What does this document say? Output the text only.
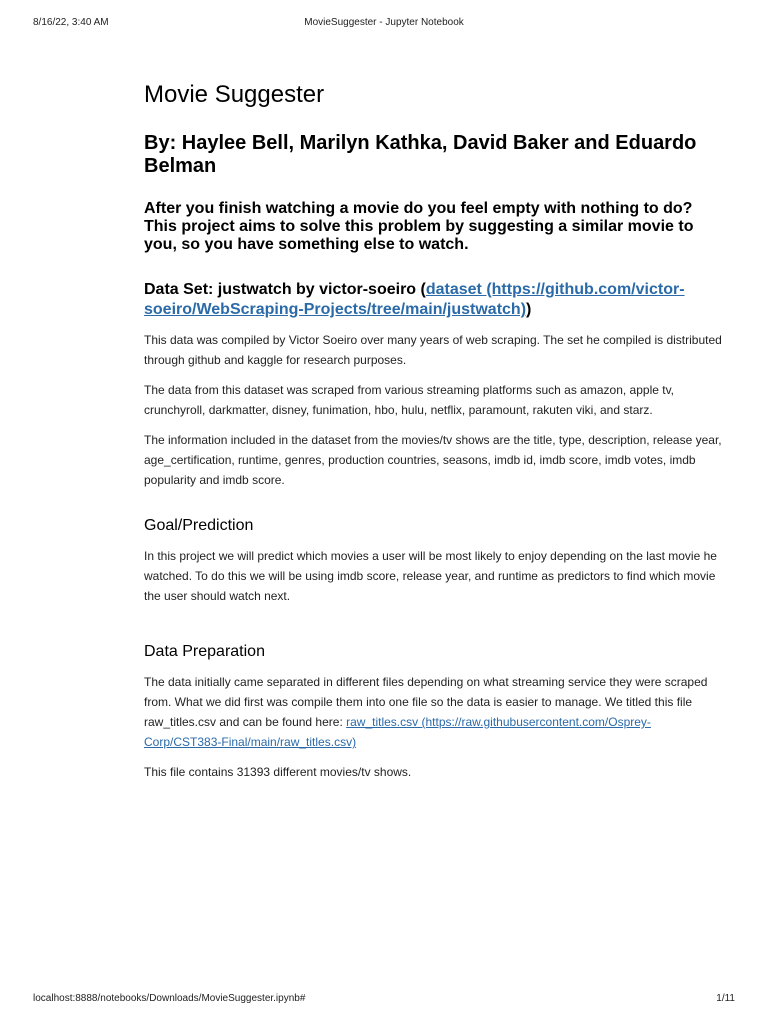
8/16/22, 3:40 AM	MovieSuggester - Jupyter Notebook
Movie Suggester
By: Haylee Bell, Marilyn Kathka, David Baker and Eduardo Belman
After you finish watching a movie do you feel empty with nothing to do? This project aims to solve this problem by suggesting a similar movie to you, so you have something else to watch.
Data Set: justwatch by victor-soeiro (dataset (https://github.com/victor-soeiro/WebScraping-Projects/tree/main/justwatch))

This data was compiled by Victor Soeiro over many years of web scraping. The set he compiled is distributed through github and kaggle for research purposes.

The data from this dataset was scraped from various streaming platforms such as amazon, apple tv, crunchyroll, darkmatter, disney, funimation, hbo, hulu, netflix, paramount, rakuten viki, and starz.

The information included in the dataset from the movies/tv shows are the title, type, description, release year, age_certification, runtime, genres, production countries, seasons, imdb id, imdb score, imdb votes, imdb popularity and imdb score.

Goal/Prediction

In this project we will predict which movies a user will be most likely to enjoy depending on the last movie he watched. To do this we will be using imdb score, release year, and runtime as predictors to find which movie the user should watch next.

Data Preparation

The data initially came separated in different files depending on what streaming service they were scraped from. What we did first was compile them into one file so the data is easier to manage. We titled this file raw_titles.csv and can be found here: raw_titles.csv (https://raw.githubusercontent.com/Osprey-Corp/CST383-Final/main/raw_titles.csv)

This file contains 31393 different movies/tv shows.

localhost:8888/notebooks/Downloads/MovieSuggester.ipynb#	1/11
